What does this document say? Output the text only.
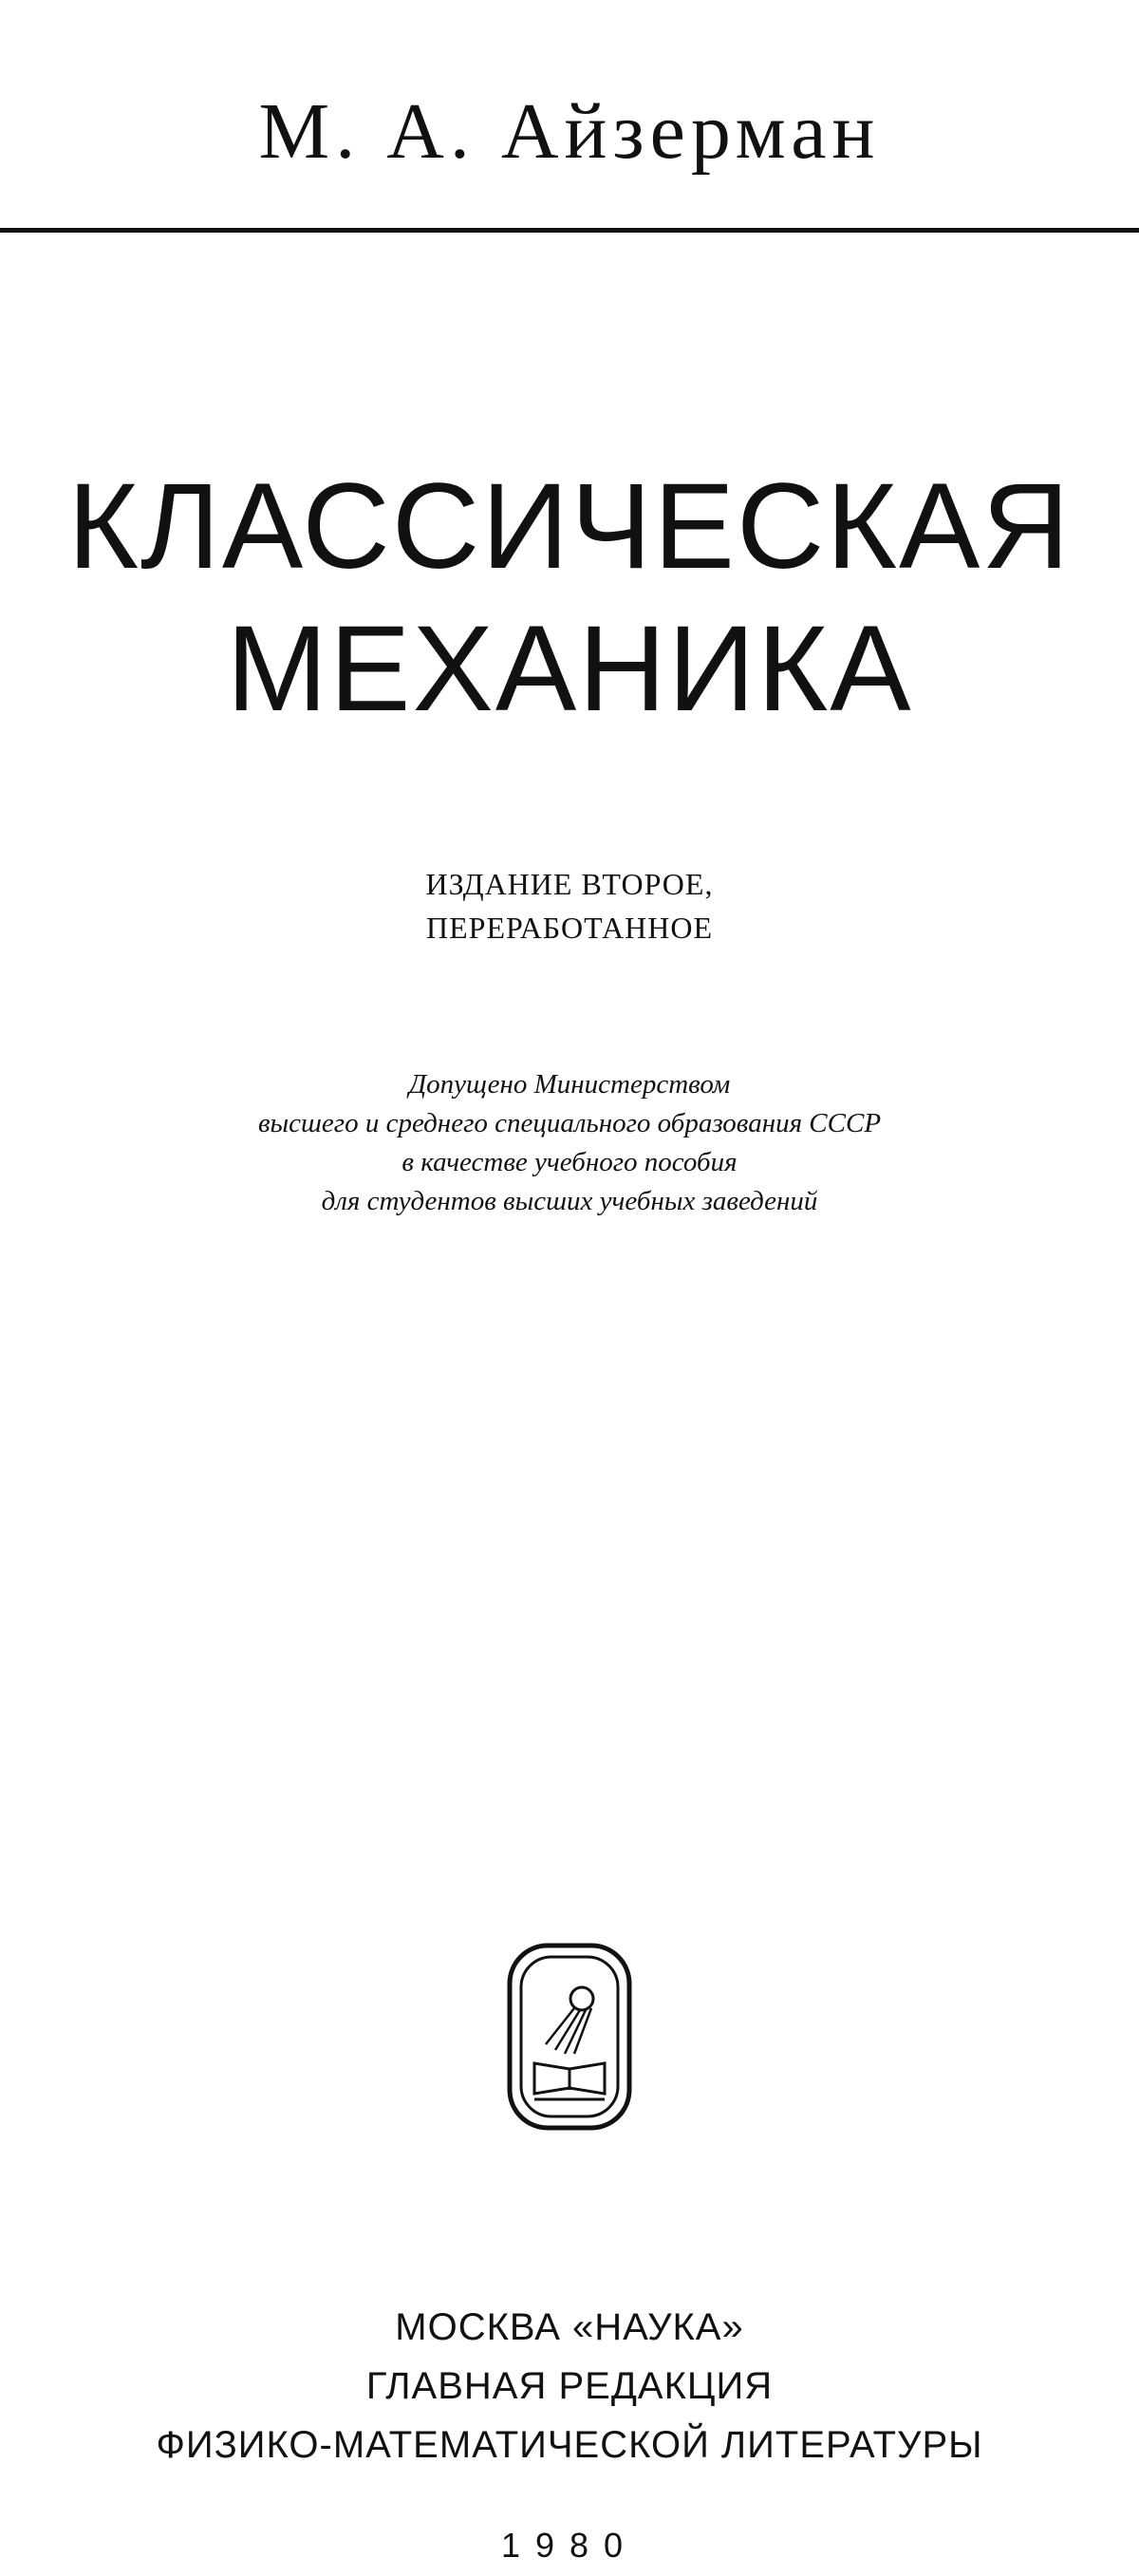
М. А. Айзерман
КЛАССИЧЕСКАЯ
МЕХАНИКА
ИЗДАНИЕ ВТОРОЕ,
ПЕРЕРАБОТАННОЕ
Допущено Министерством
высшего и среднего специального образования СССР
в качестве учебного пособия
для студентов высших учебных заведений
МОСКВА «НАУКА»
ГЛАВНАЯ РЕДАКЦИЯ
ФИЗИКО-МАТЕМАТИЧЕСКОЙ ЛИТЕРАТУРЫ
1980
